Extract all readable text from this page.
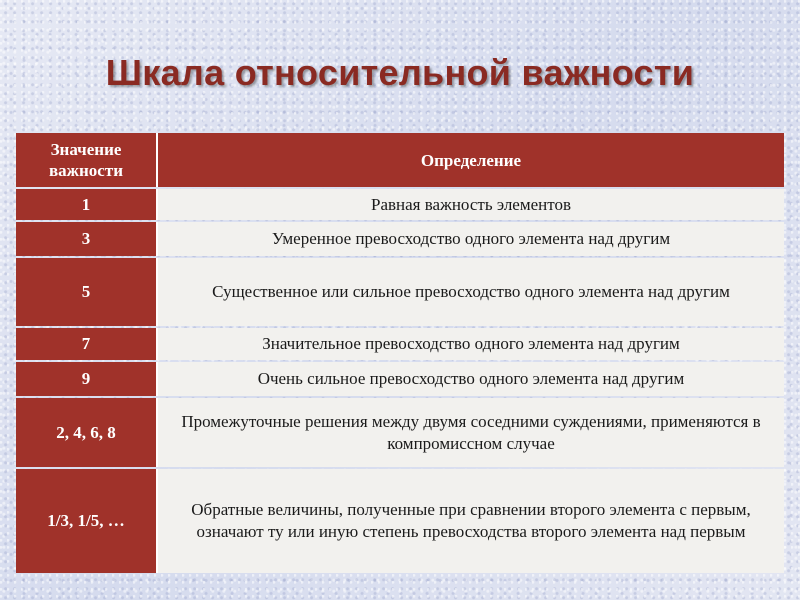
Шкала относительной важности
Значение важности	Определение
1	Равная важность элементов

3	Умеренное превосходство одного элемента над другим

5	Существенное или сильное превосходство одного элемента над другим

7	Значительное превосходство одного элемента над другим

9	Очень сильное превосходство одного элемента над другим

2, 4, 6, 8	Промежуточные решения между двумя соседними суждениями, применяются в компромиссном случае

1/3, 1/5, …	Обратные величины, полученные при сравнении второго элемента с первым, означают ту или иную степень превосходства второго элемента над первым
